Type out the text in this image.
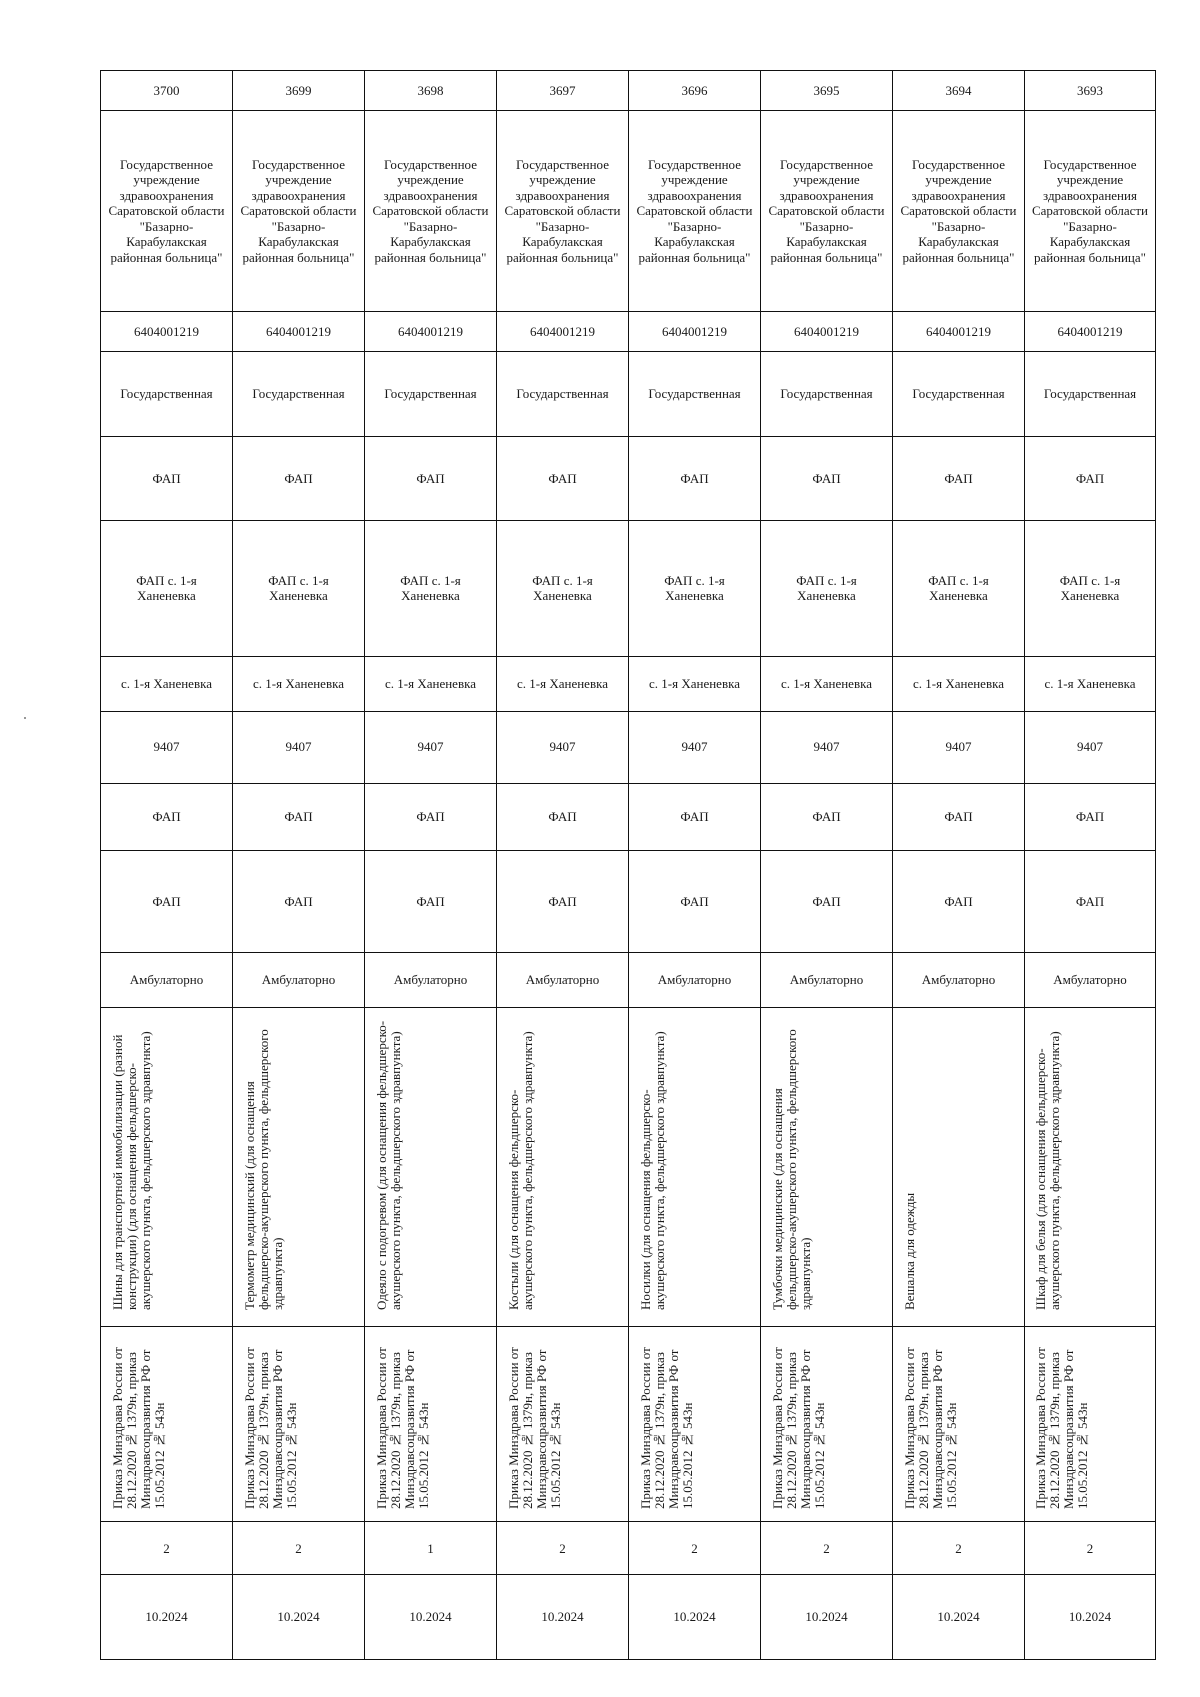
3700	3699	3698	3697	3696	3695	3694	3693
Государственное учреждение здравоохранения Саратовской области "Базарно-Карабулакская районная больница"	Государственное учреждение здравоохранения Саратовской области "Базарно-Карабулакская районная больница"	Государственное учреждение здравоохранения Саратовской области "Базарно-Карабулакская районная больница"	Государственное учреждение здравоохранения Саратовской области "Базарно-Карабулакская районная больница"	Государственное учреждение здравоохранения Саратовской области "Базарно-Карабулакская районная больница"	Государственное учреждение здравоохранения Саратовской области "Базарно-Карабулакская районная больница"	Государственное учреждение здравоохранения Саратовской области "Базарно-Карабулакская районная больница"	Государственное учреждение здравоохранения Саратовской области "Базарно-Карабулакская районная больница"
6404001219	6404001219	6404001219	6404001219	6404001219	6404001219	6404001219	6404001219
Государственная	Государственная	Государственная	Государственная	Государственная	Государственная	Государственная	Государственная
ФАП	ФАП	ФАП	ФАП	ФАП	ФАП	ФАП	ФАП
ФАП с. 1-я Ханеневка	ФАП с. 1-я Ханеневка	ФАП с. 1-я Ханеневка	ФАП с. 1-я Ханеневка	ФАП с. 1-я Ханеневка	ФАП с. 1-я Ханеневка	ФАП с. 1-я Ханеневка	ФАП с. 1-я Ханеневка
с. 1-я Ханеневка	с. 1-я Ханеневка	с. 1-я Ханеневка	с. 1-я Ханеневка	с. 1-я Ханеневка	с. 1-я Ханеневка	с. 1-я Ханеневка	с. 1-я Ханеневка
9407	9407	9407	9407	9407	9407	9407	9407
ФАП	ФАП	ФАП	ФАП	ФАП	ФАП	ФАП	ФАП
ФАП	ФАП	ФАП	ФАП	ФАП	ФАП	ФАП	ФАП
Амбулаторно	Амбулаторно	Амбулаторно	Амбулаторно	Амбулаторно	Амбулаторно	Амбулаторно	Амбулаторно
Шины для транспортной иммобилизации (разной конструкции) (для оснащения фельдшерско-акушерского пункта, фельдшерского здравпункта)	Термометр медицинский (для оснащения фельдшерско-акушерского пункта, фельдшерского здравпункта)	Одеяло с подогревом (для оснащения фельдшерско-акушерского пункта, фельдшерского здравпункта)	Костыли (для оснащения фельдшерско-акушерского пункта, фельдшерского здравпункта)	Носилки (для оснащения фельдшерско-акушерского пункта, фельдшерского здравпункта)	Тумбочки медицинские (для оснащения фельдшерско-акушерского пункта, фельдшерского здравпункта)	Вешалка для одежды	Шкаф для белья (для оснащения фельдшерско-акушерского пункта, фельдшерского здравпункта)
Приказ Минздрава России от 28.12.2020 № 1379н, приказ Минздравсоцразвития РФ от 15.05.2012 № 543н	Приказ Минздрава России от 28.12.2020 № 1379н, приказ Минздравсоцразвития РФ от 15.05.2012 № 543н	Приказ Минздрава России от 28.12.2020 № 1379н, приказ Минздравсоцразвития РФ от 15.05.2012 № 543н	Приказ Минздрава России от 28.12.2020 № 1379н, приказ Минздравсоцразвития РФ от 15.05.2012 № 543н	Приказ Минздрава России от 28.12.2020 № 1379н, приказ Минздравсоцразвития РФ от 15.05.2012 № 543н	Приказ Минздрава России от 28.12.2020 № 1379н, приказ Минздравсоцразвития РФ от 15.05.2012 № 543н	Приказ Минздрава России от 28.12.2020 № 1379н, приказ Минздравсоцразвития РФ от 15.05.2012 № 543н	Приказ Минздрава России от 28.12.2020 № 1379н, приказ Минздравсоцразвития РФ от 15.05.2012 № 543н
2	2	1	2	2	2	2	2
10.2024	10.2024	10.2024	10.2024	10.2024	10.2024	10.2024	10.2024
